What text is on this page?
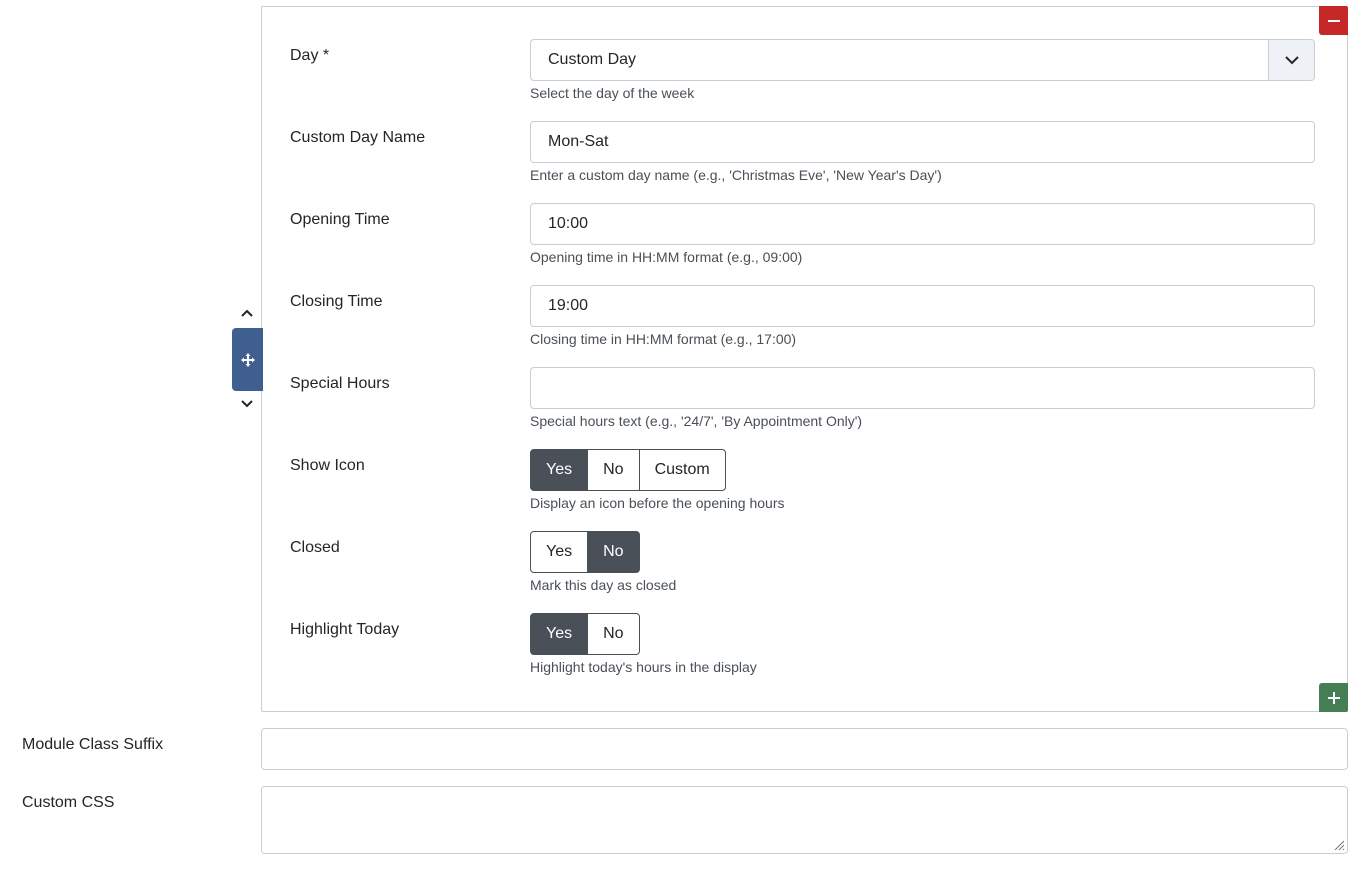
Day *	Custom Day
Select the day of the week
Custom Day Name	Mon-Sat
Enter a custom day name (e.g., 'Christmas Eve', 'New Year's Day')
Opening Time	10:00
Opening time in HH:MM format (e.g., 09:00)
Closing Time	19:00
Closing time in HH:MM format (e.g., 17:00)
Special Hours
Special hours text (e.g., '24/7', 'By Appointment Only')
Show Icon	Yes	No	Custom
Display an icon before the opening hours
Closed	Yes	No
Mark this day as closed
Highlight Today	Yes	No
Highlight today's hours in the display
Module Class Suffix
Custom CSS
